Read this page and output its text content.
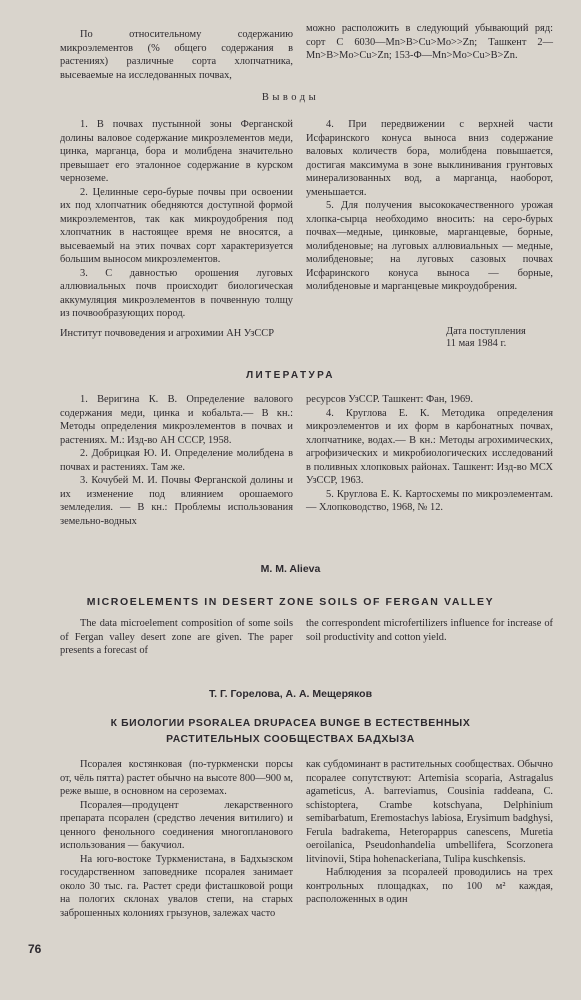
По относительному содержанию микроэлементов (% общего содержания в растениях) различные сорта хлопчатника, высеваемые на исследованных почвах,

можно расположить в следующий убывающий ряд: сорт С 6030—Mn>B>Cu>Mo>>Zn; Ташкент 2—Mn>B>Mo>Cu>Zn; 153-Ф—Mn>Mo>Cu>B>Zn.

Выводы

1. В почвах пустынной зоны Ферганской долины валовое содержание микроэлементов меди, цинка, марганца, бора и молибдена значительно превышает его эталонное содержание в курском черноземе.

2. Целинные серо-бурые почвы при освоении их под хлопчатник обедняются доступной формой микроэлементов, так как микроудобрения под хлопчатник в настоящее время не вносятся, а высеваемый на этих почвах сорт характеризуется большим выносом микроэлементов.

3. С давностью орошения луговых аллювиальных почв происходит биологическая аккумуляция микроэлементов в почвенную толщу из почвообразующих пород.

4. При передвижении с верхней части Исфаринского конуса выноса вниз содержание валовых количеств бора, молибдена повышается, достигая максимума в зоне выклинивания грунтовых минерализованных вод, а марганца, наоборот, уменьшается.

5. Для получения высококачественного урожая хлопка-сырца необходимо вносить: на серо-бурых почвах—медные, цинковые, марганцевые, борные, молибденовые; на луговых аллювиальных — медные, молибденовые; на луговых сазовых почвах Исфаринского конуса выноса — борные, молибденовые и марганцевые микроудобрения.

Институт почвоведения и агрохимии АН УзССР	Дата поступления
11 мая 1984 г.
ЛИТЕРАТУРА

1. Веригина К. В. Определение валового содержания меди, цинка и кобальта.— В кн.: Методы определения микроэлементов в почвах и растениях. М.: Изд-во АН СССР, 1958.

2. Добрицкая Ю. И. Определение молибдена в почвах и растениях. Там же.

3. Кочубей М. И. Почвы Ферганской долины и их изменение под влиянием орошаемого земледелия. — В кн.: Проблемы использования земельно-водных

ресурсов УзССР. Ташкент: Фан, 1969.

4. Круглова Е. К. Методика определения микроэлементов и их форм в карбонатных почвах, хлопчатнике, водах.— В кн.: Методы агрохимических, агрофизических и микробиологических исследований в поливных хлопковых районах. Ташкент: Изд-во МСХ УзССР, 1963.

5. Круглова Е. К. Картосхемы по микроэлементам. — Хлопководство, 1968, № 12.

M. M. Alieva
MICROELEMENTS IN DESERT ZONE SOILS OF FERGAN VALLEY

The data microelement composition of some soils of Fergan valley desert zone are given. The paper presents a forecast of

the correspondent microfertilizers influence for increase of soil productivity and cotton yield.

Т. Г. Горелова, А. А. Мещеряков
К БИОЛОГИИ PSORALEA DRUPACEA BUNGE В ЕСТЕСТВЕННЫХ
РАСТИТЕЛЬНЫХ СООБЩЕСТВАХ БАДХЫЗА

Псоралея костянковая (по-туркменски порсы от, чёль пятта) растет обычно на высоте 800—900 м, реже выше, в основном на сероземах.

Псоралея—продуцент лекарственного препарата псорален (средство лечения витилиго) и ценного фенольного соединения многопланового использования — бакучиол.

На юго-востоке Туркменистана, в Бадхызском государственном заповеднике псоралея занимает около 30 тыс. га. Растет среди фисташковой рощи на пологих склонах увалов степи, на старых заброшенных колониях грызунов, залежах часто

как субдоминант в растительных сообществах. Обычно псоралее сопутствуют: Artemisia scoparia, Astragalus agameticus, A. barreviamus, Cousinia raddeana, C. schistoptera, Crambe kotschyana, Delphinium semibarbatum, Eremostachys labiosa, Erysimum badghysi, Ferula badrakema, Heteropappus canescens, Muretia oeroilanica, Pseudonhandelia umbellifera, Scorzonera litvinovii, Stipa hohenackeriana, Tulipa kuschkensis.

Наблюдения за псоралеей проводились на трех контрольных площадках, по 100 м² каждая, расположенных в один

76
